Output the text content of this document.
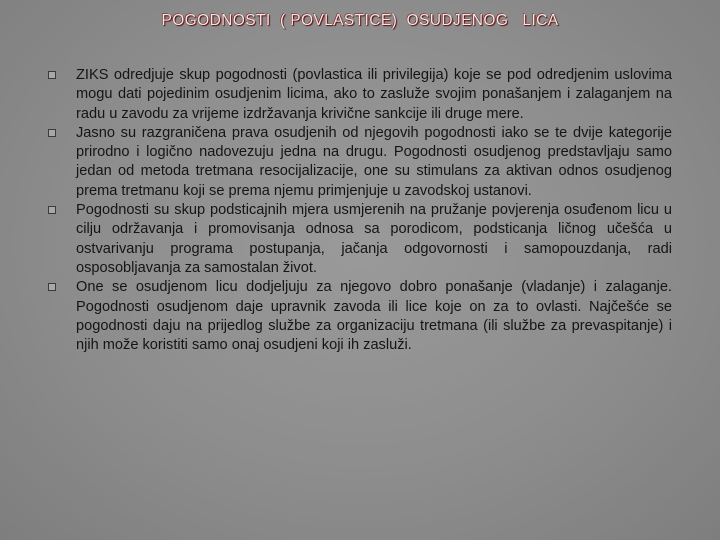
POGODNOSTI  ( POVLASTICE)  OSUDJENOG   LICA
ZIKS odredjuje skup pogodnosti (povlastica ili privilegija) koje se pod odredjenim uslovima mogu dati pojedinim osudjenim licima, ako to zasluže svojim ponašanjem i zalaganjem na radu u zavodu za vrijeme izdržavanja krivične sankcije ili druge mere.
Jasno su razgraničena prava osudjenih od njegovih pogodnosti iako se te dvije kategorije prirodno i logično nadovezuju jedna na drugu. Pogodnosti osudjenog predstavljaju samo jedan od metoda tretmana resocijalizacije, one su stimulans za aktivan odnos osudjenog prema tretmanu koji se prema njemu primjenjuje u zavodskoj ustanovi.
Pogodnosti su skup podsticajnih mjera usmjerenih na pružanje povjerenja osuđenom licu u cilju održavanja i promovisanja odnosa sa porodicom, podsticanja ličnog učešća u ostvarivanju programa postupanja, jačanja odgovornosti i samopouzdanja, radi osposobljavanja za samostalan život.
One se osudjenom licu dodjeljuju za njegovo dobro ponašanje (vladanje) i zalaganje. Pogodnosti osudjenom daje upravnik zavoda ili lice koje on za to ovlasti. Najčešće se pogodnosti daju na prijedlog službe za organizaciju tretmana (ili službe za prevaspitanje) i njih može koristiti samo onaj osudjeni koji ih zasluži.
